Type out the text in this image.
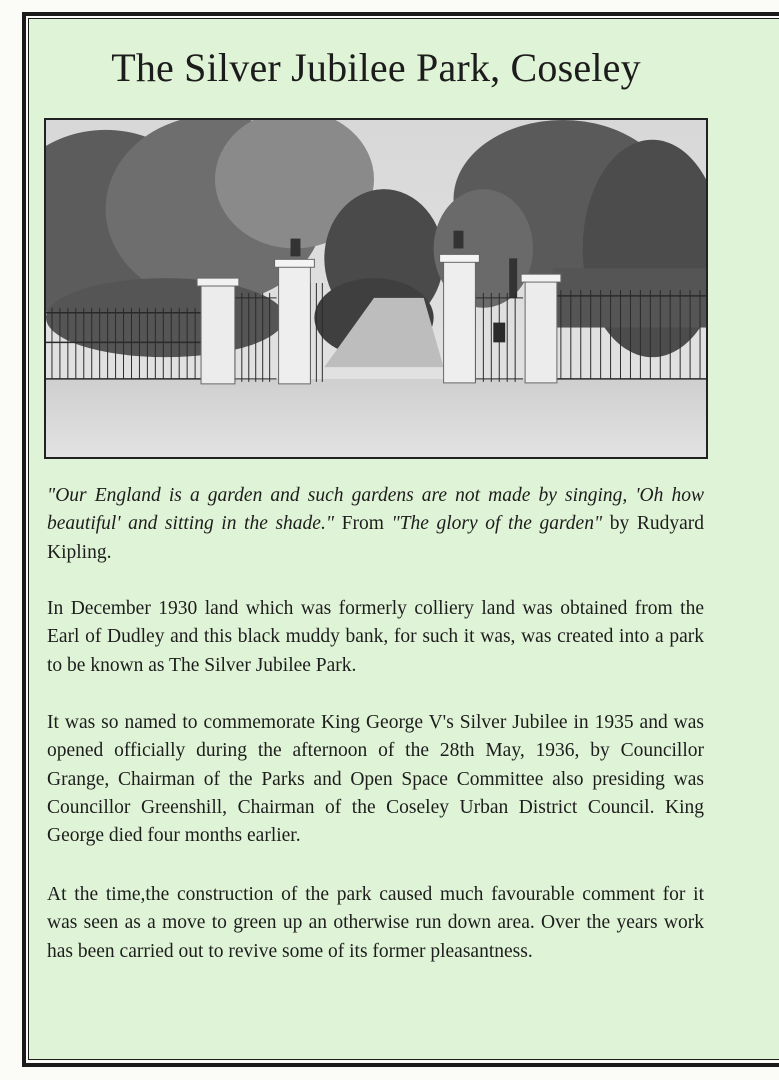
The Silver Jubilee Park, Coseley

"Our England is a garden and such gardens are not made by singing, 'Oh how beautiful' and sitting in the shade." From "The glory of the garden" by Rudyard Kipling.

In December 1930 land which was formerly colliery land was obtained from the Earl of Dudley and this black muddy bank, for such it was, was created into a park to be known as The Silver Jubilee Park.

It was so named to commemorate King George V's Silver Jubilee in 1935 and was opened officially during the afternoon of the 28th May, 1936, by Councillor Grange, Chairman of the Parks and Open Space Committee also presiding was Councillor Greenshill, Chairman of the Coseley Urban District Council. King George died four months earlier.

At the time,the construction of the park caused much favourable comment for it was seen as a move to green up an otherwise run down area. Over the years work has been carried out to revive some of its former pleasantness.
